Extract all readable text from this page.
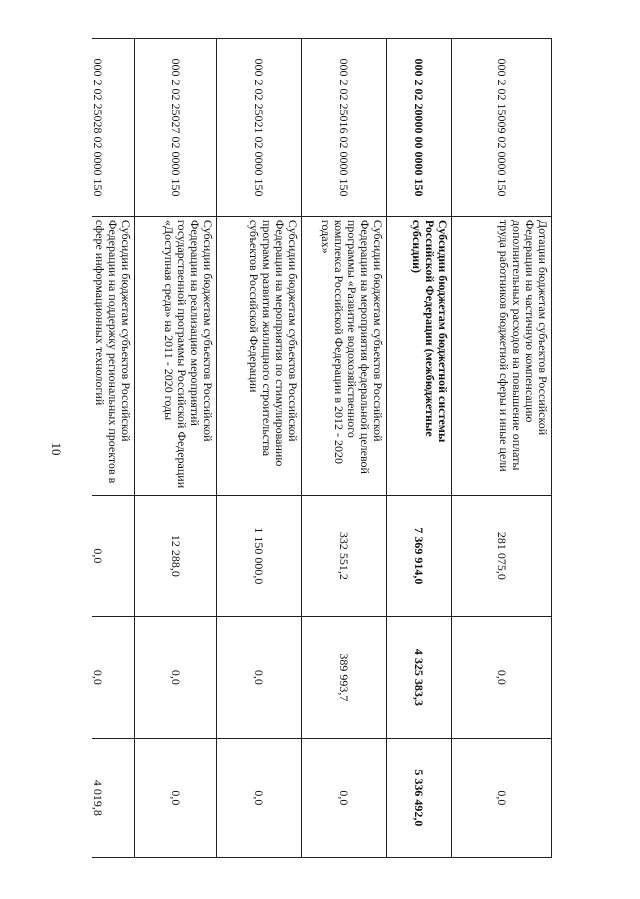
10
000 2 02 15009 02 0000 150	Дотации бюджетам субъектов Российской Федерации на частичную компенсацию дополнительных расходов на повышение оплаты труда работников бюджетной сферы и иные цели	281 075,0	0,0	0,0
000 2 02 20000 00 0000 150	Субсидии бюджетам бюджетной системы Российской Федерации (межбюджетные субсидии)	7 369 914,0	4 325 383,3	5 336 492,0
000 2 02 25016 02 0000 150	Субсидии бюджетам субъектов Российской Федерации на мероприятия федеральной целевой программы «Развитие водохозяйственного комплекса Российской Федерации в 2012 - 2020 годах»	332 551,2	389 993,7	0,0
000 2 02 25021 02 0000 150	Субсидии бюджетам субъектов Российской Федерации на мероприятия по стимулированию программ развития жилищного строительства субъектов Российской Федерации	1 150 000,0	0,0	0,0
000 2 02 25027 02 0000 150	Субсидии бюджетам субъектов Российской Федерации на реализацию мероприятий государственной программы Российской Федерации «Доступная среда» на 2011 - 2020 годы	12 288,0	0,0	0,0
000 2 02 25028 02 0000 150	Субсидии бюджетам субъектов Российской Федерации на поддержку региональных проектов в сфере информационных технологий	0,0	0,0	4 019,8
